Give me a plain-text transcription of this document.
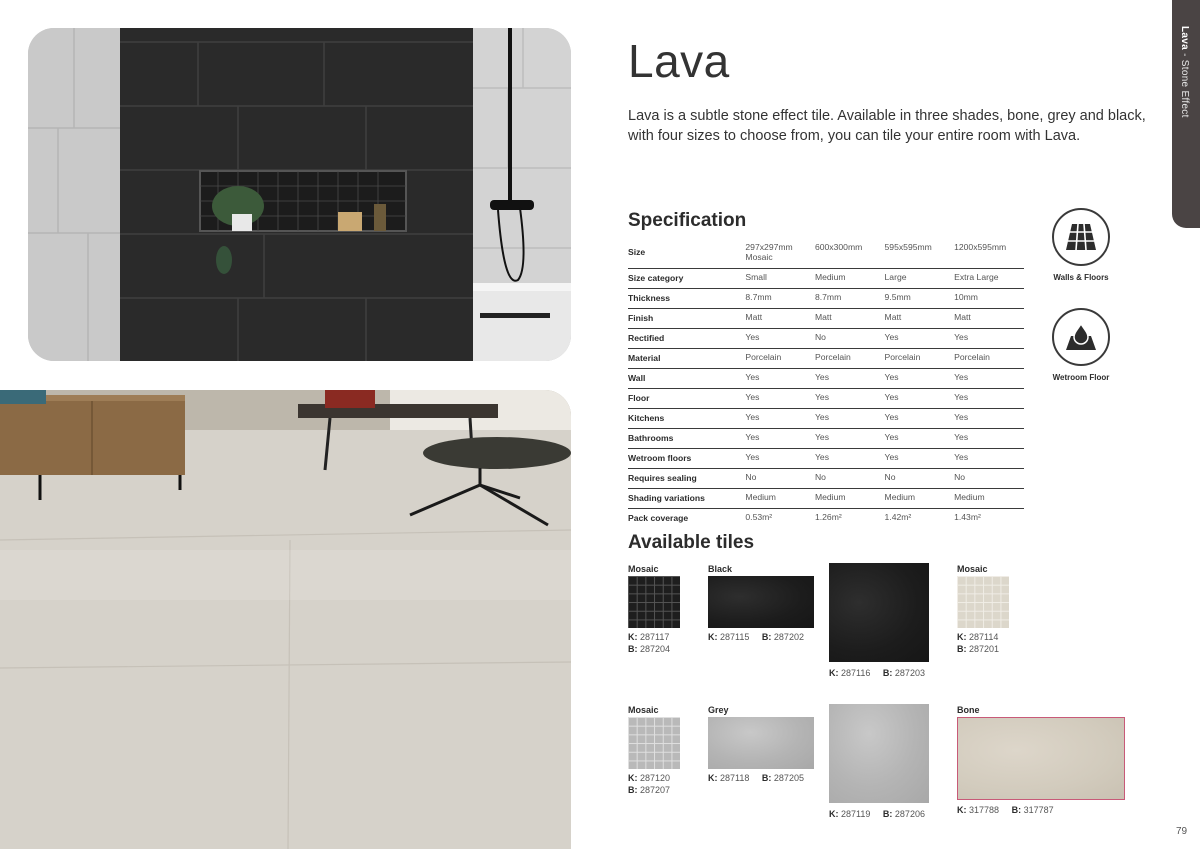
Lava
Lava is a subtle stone effect tile. Available in three shades, bone, grey and black, with four sizes to choose from, you can tile your entire room with Lava.
Lava - Stone Effect
Specification
Size	297x297mm Mosaic	600x300mm	595x595mm	1200x595mm
Size category	Small	Medium	Large	Extra Large
Thickness	8.7mm	8.7mm	9.5mm	10mm
Finish	Matt	Matt	Matt	Matt
Rectified	Yes	No	Yes	Yes
Material	Porcelain	Porcelain	Porcelain	Porcelain
Wall	Yes	Yes	Yes	Yes
Floor	Yes	Yes	Yes	Yes
Kitchens	Yes	Yes	Yes	Yes
Bathrooms	Yes	Yes	Yes	Yes
Wetroom floors	Yes	Yes	Yes	Yes
Requires sealing	No	No	No	No
Shading variations	Medium	Medium	Medium	Medium
Pack coverage	0.53m²	1.26m²	1.42m²	1.43m²
Walls & Floors
Wetroom Floor
Available tiles
Mosaic
K: 287117
B: 287204
Black
K: 287115 B: 287202
K: 287116 B: 287203
Mosaic
K: 287114
B: 287201
Mosaic
K: 287120
B: 287207
Grey
K: 287118 B: 287205
K: 287119 B: 287206
Bone
K: 317788 B: 317787
79
